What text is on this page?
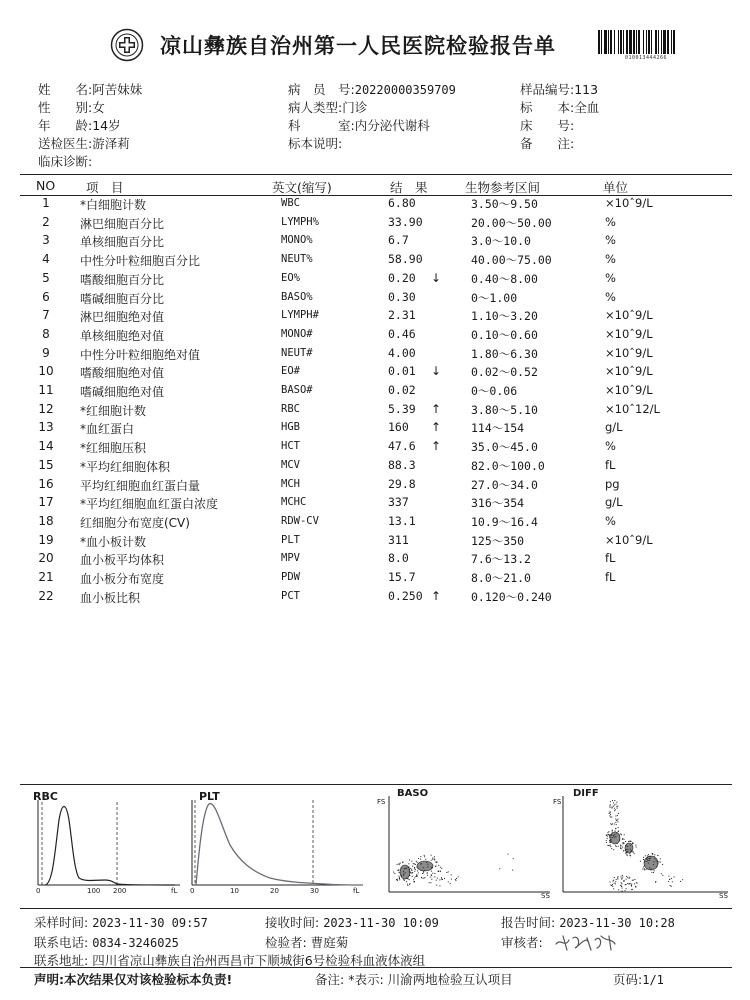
凉山彝族自治州第一人民医院检验报告单	010013444266
姓　　名:阿苦妹妹
性　　别:女
年　　龄:14岁
送检医生:游泽莉
临床诊断:
病　员　号:20220000359709
病人类型:门诊
科　　　室:内分泌代谢科
标本说明:
样品编号:113
标　　本:全血
床　　号:
备　　注:
NO 项　目	英文(缩写)	结　果	生物参考区间	单位
1	*白细胞计数	WBC	6.80	3.50～9.50	×10ˆ9/L
2	淋巴细胞百分比	LYMPH%	33.90	20.00～50.00	%
3	单核细胞百分比	MONO%	6.7	3.0～10.0	%
4	中性分叶粒细胞百分比	NEUT%	58.90	40.00～75.00	%
5	嗜酸细胞百分比	EO%	0.20 ↓	0.40～8.00	%
6	嗜碱细胞百分比	BASO%	0.30	0～1.00	%
7	淋巴细胞绝对值	LYMPH#	2.31	1.10～3.20	×10ˆ9/L
8	单核细胞绝对值	MONO#	0.46	0.10～0.60	×10ˆ9/L
9	中性分叶粒细胞绝对值	NEUT#	4.00	1.80～6.30	×10ˆ9/L
10 嗜酸细胞绝对值	EO#	0.01 ↓	0.02～0.52	×10ˆ9/L
11 嗜碱细胞绝对值	BASO#	0.02	0～0.06	×10ˆ9/L
12 *红细胞计数	RBC	5.39 ↑	3.80～5.10	×10ˆ12/L
13 *血红蛋白	HGB	160 ↑	114～154	g/L
14 *红细胞压积	HCT	47.6 ↑	35.0～45.0	%
15 *平均红细胞体积	MCV	88.3	82.0～100.0	fL
16 平均红细胞血红蛋白量	MCH	29.8	27.0～34.0	pg
17 *平均红细胞血红蛋白浓度	MCHC	337	316～354	g/L
18 红细胞分布宽度(CV)	RDW-CV	13.1	10.9～16.4	%
19 *血小板计数	PLT	311	125～350	×10ˆ9/L
20 血小板平均体积	MPV	8.0	7.6～13.2	fL
21 血小板分布宽度	PDW	15.7	8.0～21.0	fL
22 血小板比积	PCT	0.250 ↑	0.120～0.240
RBC
0	100 200	fL
PLT
0	10	20	30	fL
BASO
FS
SS
DIFF
FS
SS
采样时间: 2023-11-30 09:57	接收时间: 2023-11-30 10:09	报告时间: 2023-11-30 10:28
联系电话: 0834-3246025	检验者: 曹庭菊	审核者:
联系地址: 四川省凉山彝族自治州西昌市下顺城街6号检验科血液体液组
声明:本次结果仅对该检验标本负责!	备注: *表示: 川渝两地检验互认项目	页码:1/1
